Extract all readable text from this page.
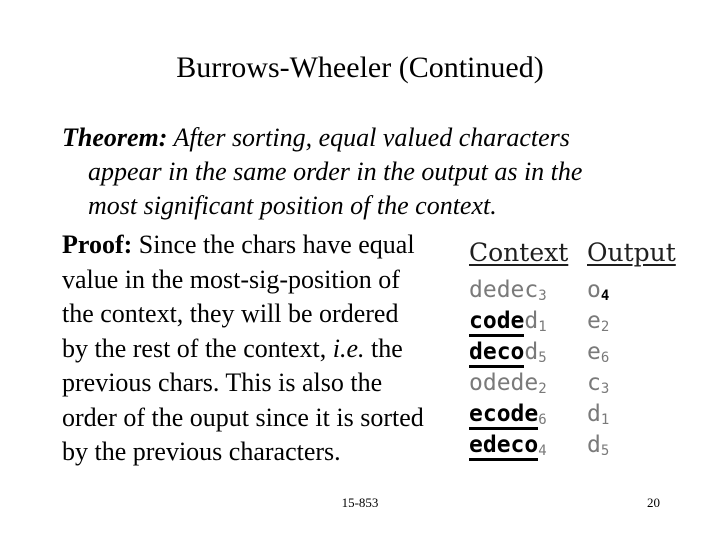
Burrows-Wheeler (Continued)
Theorem: After sorting, equal valued characters
appear in the same order in the output as in the
most significant position of the context.
Proof: Since the chars have equal
value in the most-sig-position of
the context, they will be ordered
by the rest of the context, i.e. the
previous chars. This is also the
order of the ouput since it is sorted
by the previous characters.
Context	Output
dedec$_3$	$o_4$
coded$_1$	$e_2$
decod$_5$	$e_6$
odede$_2$	$c_3$
ecode$_6$	$d_1$
edeco$_4$	$d_5$
15-853	20
